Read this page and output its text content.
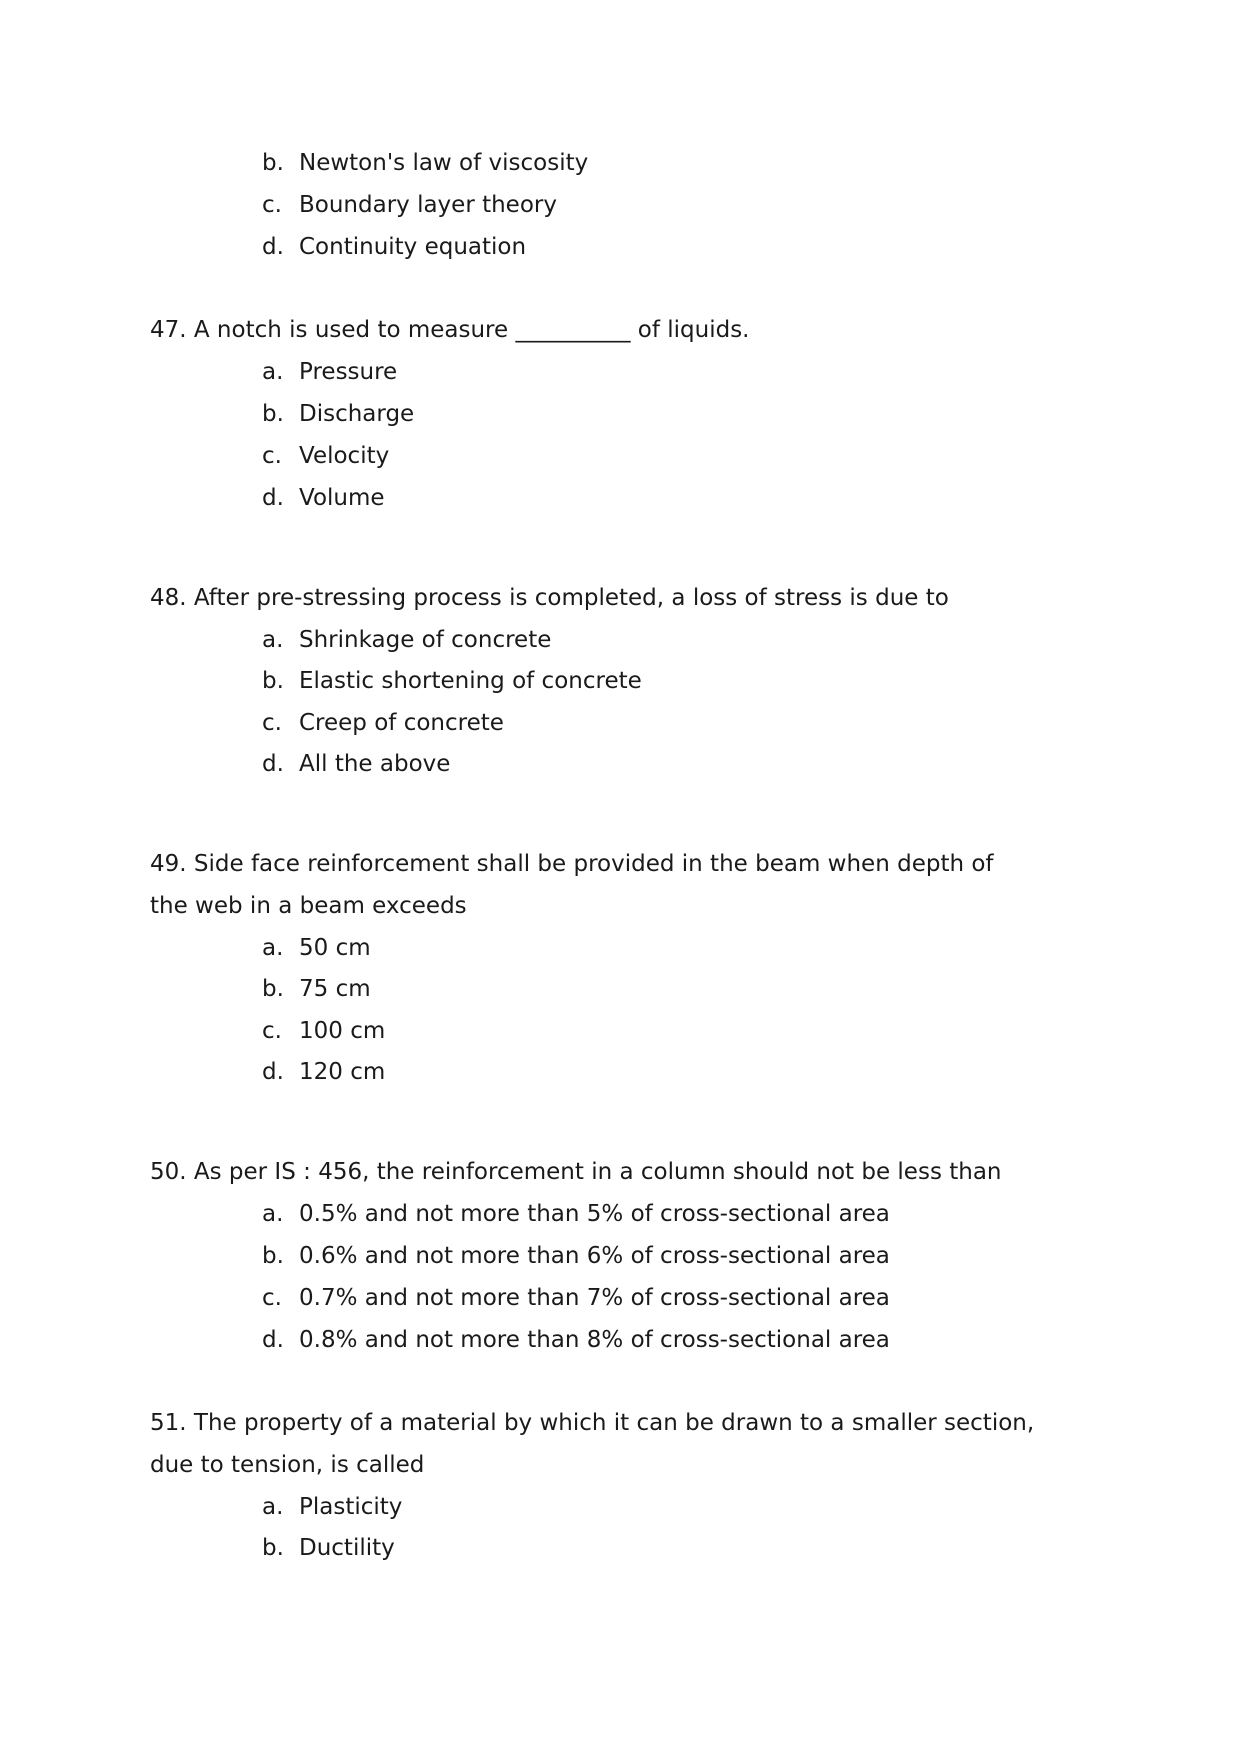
b. Newton's law of viscosity
c. Boundary layer theory
d. Continuity equation
47. A notch is used to measure __________ of liquids.
a. Pressure
b. Discharge
c. Velocity
d. Volume
48. After pre-stressing process is completed, a loss of stress is due to
a. Shrinkage of concrete
b. Elastic shortening of concrete
c. Creep of concrete
d. All the above
49. Side face reinforcement shall be provided in the beam when depth of
the web in a beam exceeds
a. 50 cm
b. 75 cm
c. 100 cm
d. 120 cm
50. As per IS : 456, the reinforcement in a column should not be less than
a. 0.5% and not more than 5% of cross-sectional area
b. 0.6% and not more than 6% of cross-sectional area
c. 0.7% and not more than 7% of cross-sectional area
d. 0.8% and not more than 8% of cross-sectional area
51. The property of a material by which it can be drawn to a smaller section,
due to tension, is called
a. Plasticity
b. Ductility
